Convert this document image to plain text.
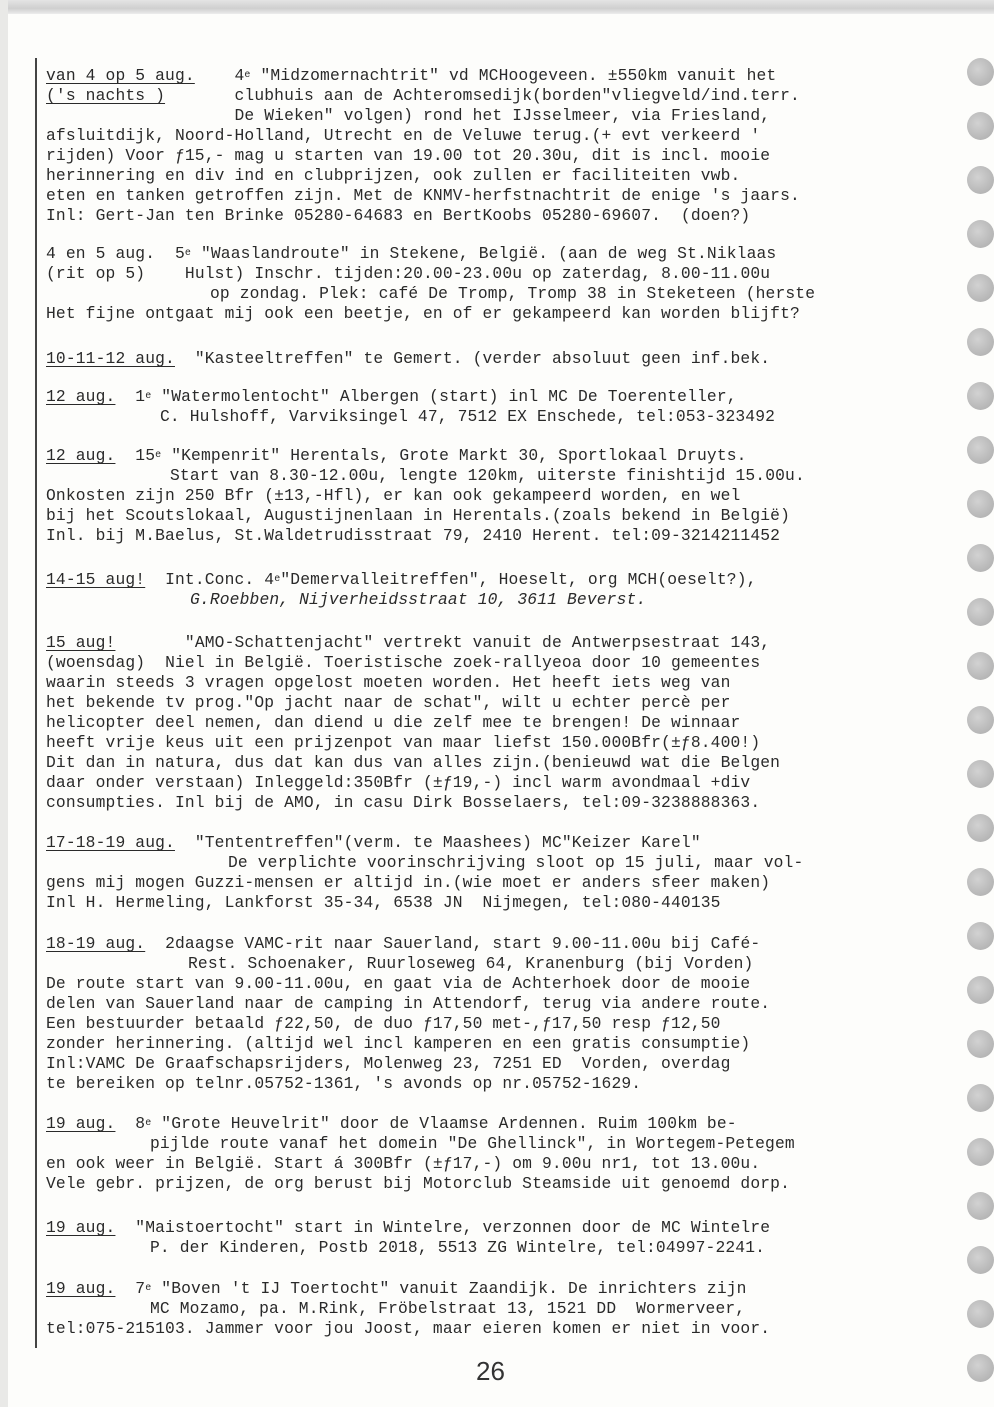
van 4 op 5 aug. 4e "Midzomernachtrit" vd MCHoogeveen. ±550km vanuit het
('s nachts )	clubhuis aan de Achteromsedijk(borden"vliegveld/ind.terr.
De Wieken" volgen) rond het IJsselmeer, via Friesland,
afsluitdijk, Noord-Holland, Utrecht en de Veluwe terug.(+ evt verkeerd '
rijden) Voor ƒ15,- mag u starten van 19.00 tot 20.30u, dit is incl. mooie
herinnering en div ind en clubprijzen, ook zullen er faciliteiten vwb.
eten en tanken getroffen zijn. Met de KNMV-herfstnachtrit de enige 's jaars.
Inl: Gert-Jan ten Brinke 05280-64683 en BertKoobs 05280-69607.  (doen?)
4 en 5 aug. 5e "Waaslandroute" in Stekene, België. (aan de weg St.Niklaas
(rit op 5) Hulst) Inschr. tijden:20.00-23.00u op zaterdag, 8.00-11.00u
op zondag. Plek: café De Tromp, Tromp 38 in Steketeen (herste
Het fijne ontgaat mij ook een beetje, en of er gekampeerd kan worden blijft?
10-11-12 aug. "Kasteeltreffen" te Gemert. (verder absoluut geen inf.bek.
12 aug. 1e "Watermolentocht" Albergen (start) inl MC De Toerenteller,
C. Hulshoff, Varviksingel 47, 7512 EX Enschede, tel:053-323492
12 aug. 15e "Kempenrit" Herentals, Grote Markt 30, Sportlokaal Druyts.
Start van 8.30-12.00u, lengte 120km, uiterste finishtijd 15.00u.
Onkosten zijn 250 Bfr (±13,-Hfl), er kan ook gekampeerd worden, en wel
bij het Scoutslokaal, Augustijnenlaan in Herentals.(zoals bekend in België)
Inl. bij M.Baelus, St.Waldetrudisstraat 79, 2410 Herent. tel:09-3214211452
14-15 aug! Int.Conc. 4e"Demervalleitreffen", Hoeselt, org MCH(oeselt?),
G.Roebben, Nijverheidsstraat 10, 3611 Beverst.
15 aug!	"AMO-Schattenjacht" vertrekt vanuit de Antwerpsestraat 143,
(woensdag) Niel in België. Toeristische zoek-rallyeoa door 10 gemeentes
waarin steeds 3 vragen opgelost moeten worden. Het heeft iets weg van
het bekende tv prog."Op jacht naar de schat", wilt u echter percè per
helicopter deel nemen, dan diend u die zelf mee te brengen! De winnaar
heeft vrije keus uit een prijzenpot van maar liefst 150.000Bfr(±ƒ8.400!)
Dit dan in natura, dus dat kan dus van alles zijn.(benieuwd wat die Belgen
daar onder verstaan) Inleggeld:350Bfr (±ƒ19,-) incl warm avondmaal +div
consumpties. Inl bij de AMO, in casu Dirk Bosselaers, tel:09-3238888363.
17-18-19 aug. "Tententreffen"(verm. te Maashees) MC"Keizer Karel"
De verplichte voorinschrijving sloot op 15 juli, maar vol-
gens mij mogen Guzzi-mensen er altijd in.(wie moet er anders sfeer maken)
Inl H. Hermeling, Lankforst 35-34, 6538 JN  Nijmegen, tel:080-440135
18-19 aug. 2daagse VAMC-rit naar Sauerland, start 9.00-11.00u bij Café-
Rest. Schoenaker, Ruurloseweg 64, Kranenburg (bij Vorden)
De route start van 9.00-11.00u, en gaat via de Achterhoek door de mooie
delen van Sauerland naar de camping in Attendorf, terug via andere route.
Een bestuurder betaald ƒ22,50, de duo ƒ17,50 met-,ƒ17,50 resp ƒ12,50
zonder herinnering. (altijd wel incl kamperen en een gratis consumptie)
Inl:VAMC De Graafschapsrijders, Molenweg 23, 7251 ED  Vorden, overdag
te bereiken op telnr.05752-1361, 's avonds op nr.05752-1629.
19 aug. 8e "Grote Heuvelrit" door de Vlaamse Ardennen. Ruim 100km be-
pijlde route vanaf het domein "De Ghellinck", in Wortegem-Petegem
en ook weer in België. Start á 300Bfr (±ƒ17,-) om 9.00u nr1, tot 13.00u.
Vele gebr. prijzen, de org berust bij Motorclub Steamside uit genoemd dorp.
19 aug. "Maistoertocht" start in Wintelre, verzonnen door de MC Wintelre
P. der Kinderen, Postb 2018, 5513 ZG Wintelre, tel:04997-2241.
19 aug. 7e "Boven 't IJ Toertocht" vanuit Zaandijk. De inrichters zijn
MC Mozamo, pa. M.Rink, Fröbelstraat 13, 1521 DD  Wormerveer,
tel:075-215103. Jammer voor jou Joost, maar eieren komen er niet in voor.
26
